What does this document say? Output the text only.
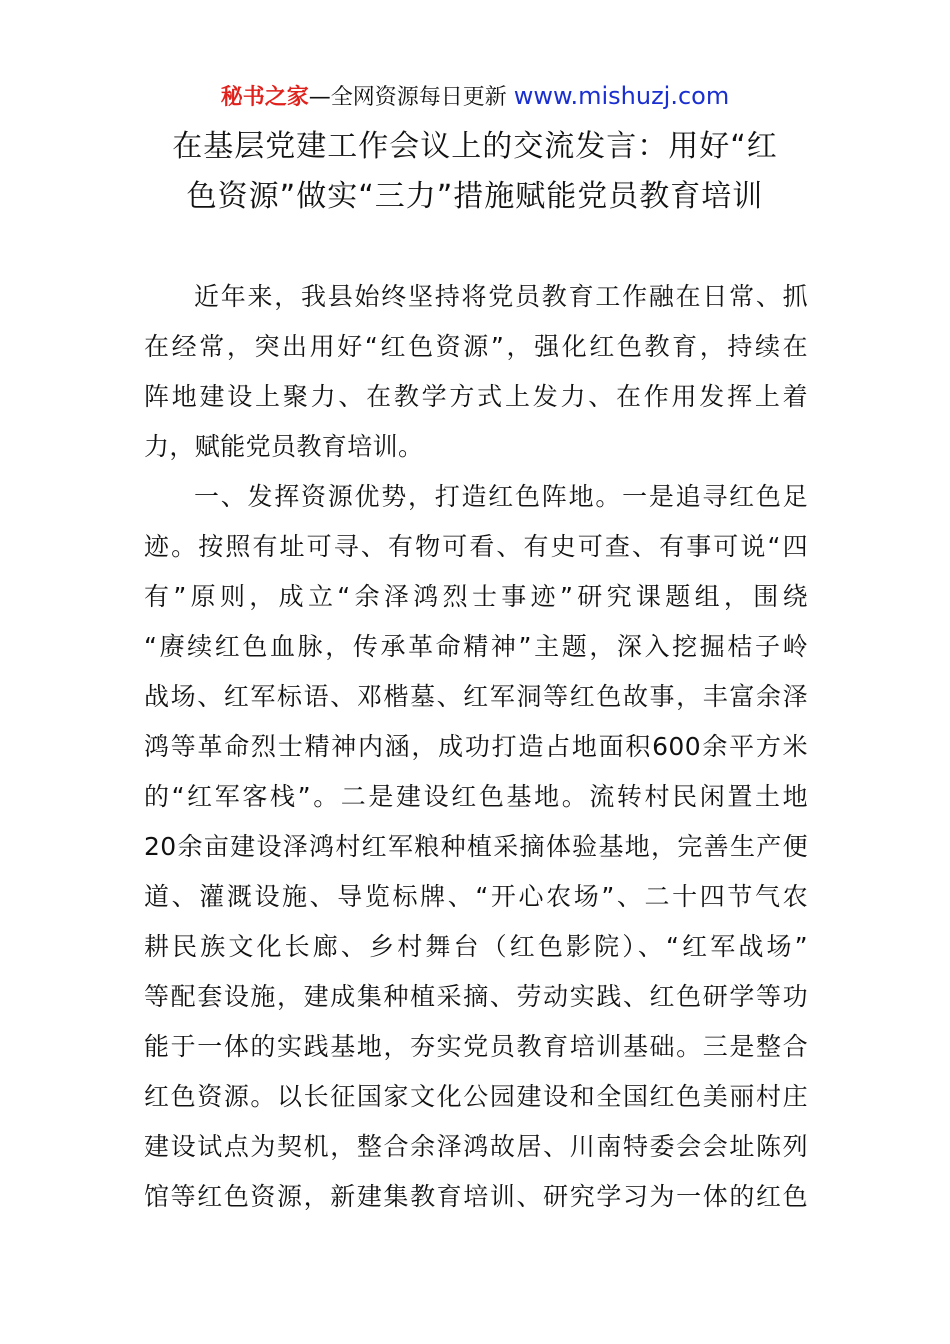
秘书之家—全网资源每日更新 www.mishuzj.com
在基层党建工作会议上的交流发言：用好“红
色资源”做实“三力”措施赋能党员教育培训
近年来，我县始终坚持将党员教育工作融在日常、抓
在经常，突出用好“红色资源”，强化红色教育，持续在
阵地建设上聚力、在教学方式上发力、在作用发挥上着
力，赋能党员教育培训。
一、发挥资源优势，打造红色阵地。一是追寻红色足
迹。按照有址可寻、有物可看、有史可查、有事可说“四
有”原则，成立“余泽鸿烈士事迹”研究课题组，围绕
“赓续红色血脉，传承革命精神”主题，深入挖掘桔子岭
战场、红军标语、邓楷墓、红军洞等红色故事，丰富余泽
鸿等革命烈士精神内涵，成功打造占地面积600余平方米
的“红军客栈”。二是建设红色基地。流转村民闲置土地
20余亩建设泽鸿村红军粮种植采摘体验基地，完善生产便
道、灌溉设施、导览标牌、“开心农场”、二十四节气农
耕民族文化长廊、乡村舞台（红色影院）、“红军战场”
等配套设施，建成集种植采摘、劳动实践、红色研学等功
能于一体的实践基地，夯实党员教育培训基础。三是整合
红色资源。以长征国家文化公园建设和全国红色美丽村庄
建设试点为契机，整合余泽鸿故居、川南特委会会址陈列
馆等红色资源，新建集教育培训、研究学习为一体的红色
